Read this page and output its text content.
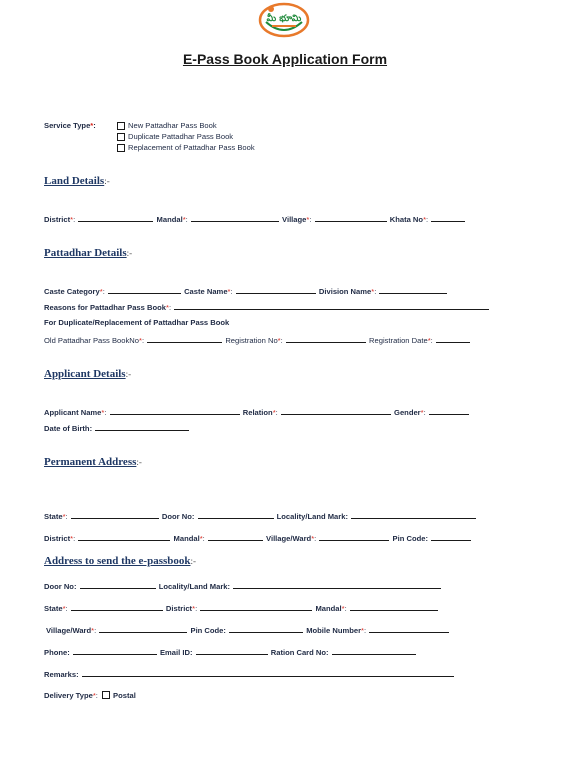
మీ భూమి
E-Pass Book Application Form
Service Type*:	New Pattadhar Pass Book
Duplicate Pattadhar Pass Book
Replacement of Pattadhar Pass Book
Land Details:-
District*:	Mandal*:	Village*:	Khata No*:
Pattadhar Details:-
Caste Category*:	Caste Name*:	Division Name*:
Reasons for Pattadhar Pass Book*:
For Duplicate/Replacement of Pattadhar Pass Book
Old Pattadhar Pass BookNo*:	Registration No*:	Registration Date*:
Applicant Details:-
Applicant Name*:	Relation*:	Gender*:
Date of Birth:
Permanent Address:-
State*:	Door No:	Locality/Land Mark:
District*:	Mandal*:	Village/Ward*:	Pin Code:
Address to send the e-passbook:-
Door No:	Locality/Land Mark:
State*:	District*:	Mandal*:
Village/Ward*:	Pin Code:	Mobile Number*:
Phone:	Email ID:	Ration Card No:
Remarks:
Delivery Type*: Postal
